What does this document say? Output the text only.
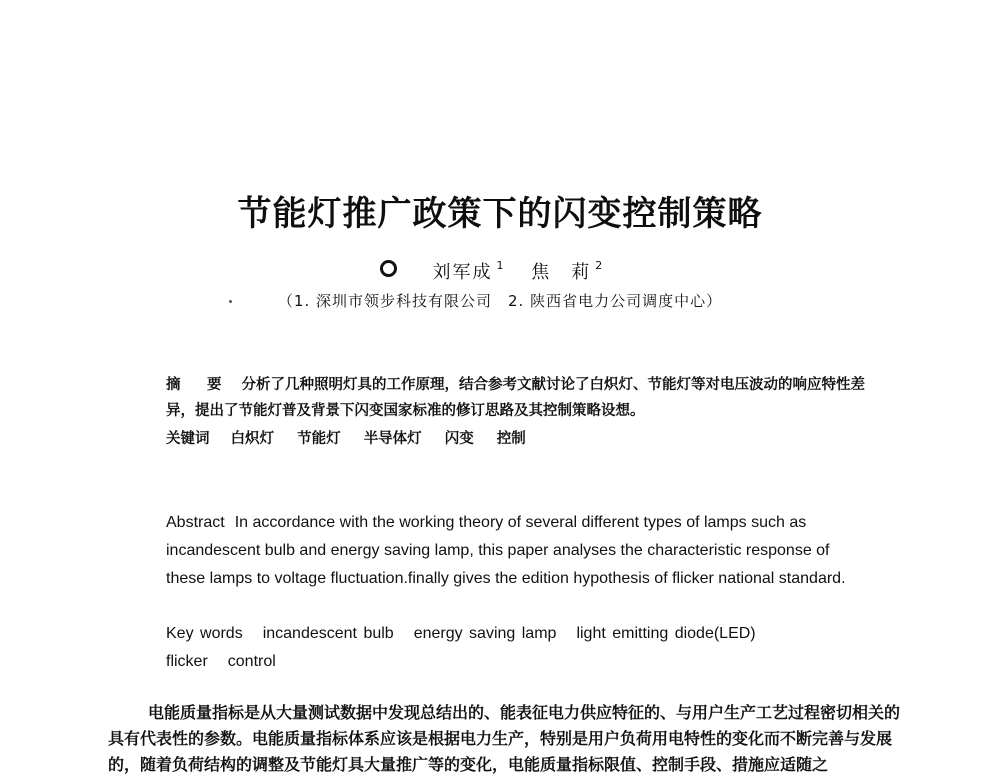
节能灯推广政策下的闪变控制策略
刘军成 $^1$ 焦　莉 $^2$
（1. 深圳市领步科技有限公司 2. 陕西省电力公司调度中心）
摘　要 分析了几种照明灯具的工作原理，结合参考文献讨论了白炽灯、节能灯等对电压波动的响应特性差异，提出了节能灯普及背景下闪变国家标准的修订思路及其控制策略设想。
关键词 白炽灯 节能灯 半导体灯 闪变 控制
Abstract In accordance with the working theory of several different types of lamps such as incandescent bulb and energy saving lamp, this paper analyses the characteristic response of these lamps to voltage fluctuation.finally gives the edition hypothesis of flicker national standard.
Key words incandescent bulb energy saving lamp light emitting diode(LED)
flicker control
电能质量指标是从大量测试数据中发现总结出的、能表征电力供应特征的、与用户生产工艺过程密切相关的具有代表性的参数。电能质量指标体系应该是根据电力生产，特别是用户负荷用电特性的变化而不断完善与发展的，随着负荷结构的调整及节能灯具大量推广等的变化，电能质量指标限值、控制手段、措施应适随之
